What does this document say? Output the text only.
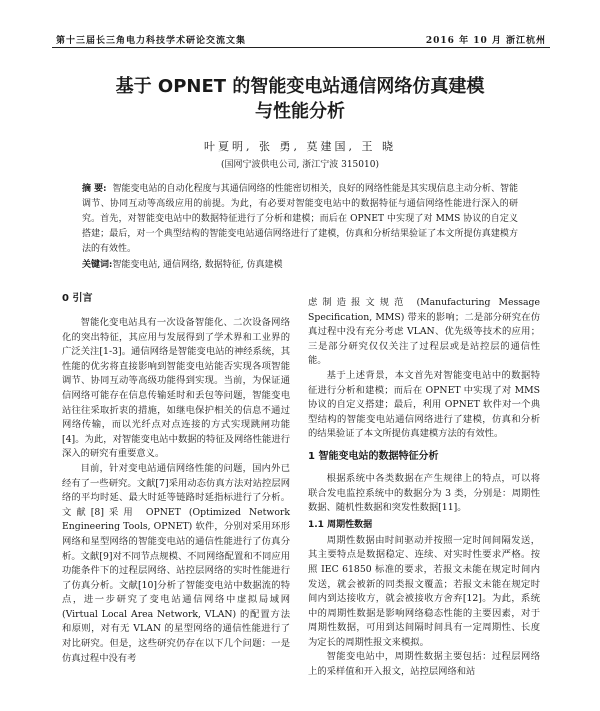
第十三届长三角电力科技学术研论交流文集	2016 年 10 月 浙江杭州
基于 OPNET 的智能变电站通信网络仿真建模
与性能分析
叶夏明, 张 勇, 莫建国, 王 晓
(国网宁波供电公司, 浙江宁波 315010)

摘 要: 智能变电站的自动化程度与其通信网络的性能密切相关，良好的网络性能是其实现信息主动分析、智能调节、协同互动等高级应用的前提。为此，有必要对智能变电站中的数据特征与通信网络性能进行深入的研究。首先，对智能变电站中的数据特征进行了分析和建模；而后在 OPNET 中实现了对 MMS 协议的自定义搭建；最后，对一个典型结构的智能变电站通信网络进行了建模，仿真和分析结果验证了本文所提仿真建模方法的有效性。

关键词:智能变电站, 通信网络, 数据特征, 仿真建模

0 引言

智能化变电站具有一次设备智能化、二次设备网络化的突出特征，其应用与发展得到了学术界和工业界的广泛关注[1-3]。通信网络是智能变电站的神经系统，其性能的优劣将直接影响到智能变电站能否实现各项智能调节、协同互动等高级功能得到实现。当前，为保证通信网络可能存在信息传输延时和丢包等问题，智能变电站往往采取折衷的措施，如继电保护相关的信息不通过网络传输，而以光纤点对点连接的方式实现跳闸功能[4]。为此，对智能变电站中数据的特征及网络性能进行深入的研究有重要意义。

目前，针对变电站通信网络性能的问题，国内外已经有了一些研究。文献[7]采用动态仿真方法对站控层网络的平均时延、最大时延等链路时延指标进行了分析。文献[8]采用 OPNET (Optimized Network Engineering Tools, OPNET) 软件，分别对采用环形网络和星型网络的智能变电站的通信性能进行了仿真分析。文献[9]对不同节点规模、不同网络配置和不同应用功能条件下的过程层网络、站控层网络的实时性能进行了仿真分析。文献[10]分析了智能变电站中数据流的特点，进一步研究了变电站通信网络中虚拟局域网 (Virtual Local Area Network, VLAN) 的配置方法和原则，对有无 VLAN 的星型网络的通信性能进行了对比研究。但是，这些研究仍存在以下几个问题：一是仿真过程中没有考

虑制造报文规范 (Manufacturing Message Specification, MMS) 带来的影响；二是部分研究在仿真过程中没有充分考虑 VLAN、优先级等技术的应用；三是部分研究仅仅关注了过程层或是站控层的通信性能。

基于上述背景，本文首先对智能变电站中的数据特征进行分析和建模；而后在 OPNET 中实现了对 MMS 协议的自定义搭建；最后，利用 OPNET 软件对一个典型结构的智能变电站通信网络进行了建模，仿真和分析的结果验证了本文所提仿真建模方法的有效性。

1 智能变电站的数据特征分析

根据系统中各类数据在产生规律上的特点，可以将联合发电监控系统中的数据分为 3 类，分别是：周期性数据、随机性数据和突发性数据[11]。

1.1 周期性数据

周期性数据由时间驱动并按照一定时间间隔发送，其主要特点是数据稳定、连续、对实时性要求严格。按照 IEC 61850 标准的要求，若报文未能在规定时间内发送，就会被新的同类报文覆盖；若报文未能在规定时间内到达接收方，就会被接收方舍弃[12]。为此，系统中的周期性数据是影响网络稳态性能的主要因素，对于周期性数据，可用到达间隔时间具有一定周期性、长度为定长的周期性报文来模拟。

智能变电站中，周期性数据主要包括：过程层网络上的采样值和开入报文，站控层网络和站
